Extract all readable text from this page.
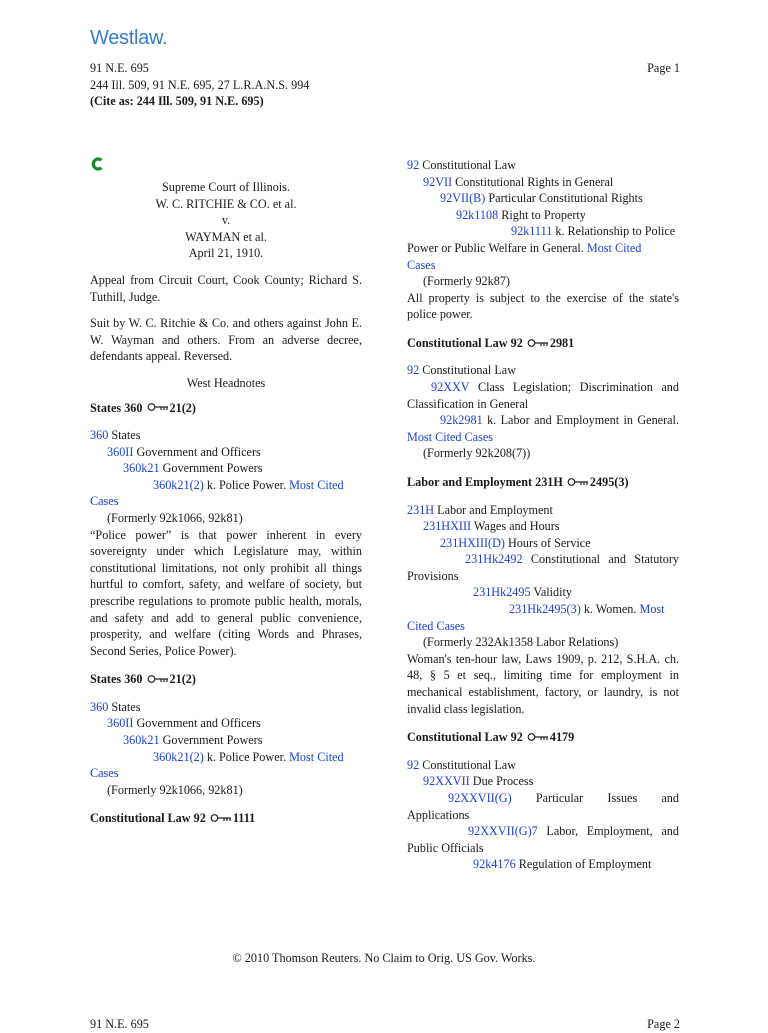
Westlaw.
91 N.E. 695
244 Ill. 509, 91 N.E. 695, 27 L.R.A.N.S. 994
(Cite as: 244 Ill. 509, 91 N.E. 695)
Page 1
Supreme Court of Illinois.
W. C. RITCHIE & CO. et al.
v.
WAYMAN et al.
April 21, 1910.
Appeal from Circuit Court, Cook County; Richard S. Tuthill, Judge.
Suit by W. C. Ritchie & Co. and others against John E. W. Wayman and others. From an adverse decree, defendants appeal. Reversed.
West Headnotes
States 360 21(2)
360 States
360II Government and Officers
360k21 Government Powers
360k21(2) k. Police Power. Most Cited
Cases
(Formerly 92k1066, 92k81)
“Police power” is that power inherent in every sovereignty under which Legislature may, within constitutional limitations, not only prohibit all things hurtful to comfort, safety, and welfare of society, but prescribe regulations to promote public health, morals, and safety and add to general public convenience, prosperity, and welfare (citing Words and Phrases, Second Series, Police Power).
States 360 21(2)
360 States
360II Government and Officers
360k21 Government Powers
360k21(2) k. Police Power. Most Cited
Cases
(Formerly 92k1066, 92k81)
Constitutional Law 92 1111
92 Constitutional Law
92VII Constitutional Rights in General
92VII(B) Particular Constitutional Rights
92k1108 Right to Property
92k1111 k. Relationship to Police
Power or Public Welfare in General. Most Cited
Cases
(Formerly 92k87)
All property is subject to the exercise of the state's police power.
Constitutional Law 92 2981
92 Constitutional Law
92XXV Class Legislation; Discrimination and Classification in General
92k2981 k. Labor and Employment in General. Most Cited Cases
(Formerly 92k208(7))
Labor and Employment 231H 2495(3)
231H Labor and Employment
231HXIII Wages and Hours
231HXIII(D) Hours of Service
231Hk2492 Constitutional and Statutory Provisions
231Hk2495 Validity
231Hk2495(3) k. Women. Most
Cited Cases
(Formerly 232Ak1358 Labor Relations)
Woman's ten-hour law, Laws 1909, p. 212, S.H.A. ch. 48, § 5 et seq., limiting time for employment in mechanical establishment, factory, or laundry, is not invalid class legislation.
Constitutional Law 92 4179
92 Constitutional Law
92XXVII Due Process
92XXVII(G) Particular Issues and Applications
92XXVII(G)7 Labor, Employment, and Public Officials
92k4176 Regulation of Employment
© 2010 Thomson Reuters. No Claim to Orig. US Gov. Works.
91 N.E. 695	Page 2
